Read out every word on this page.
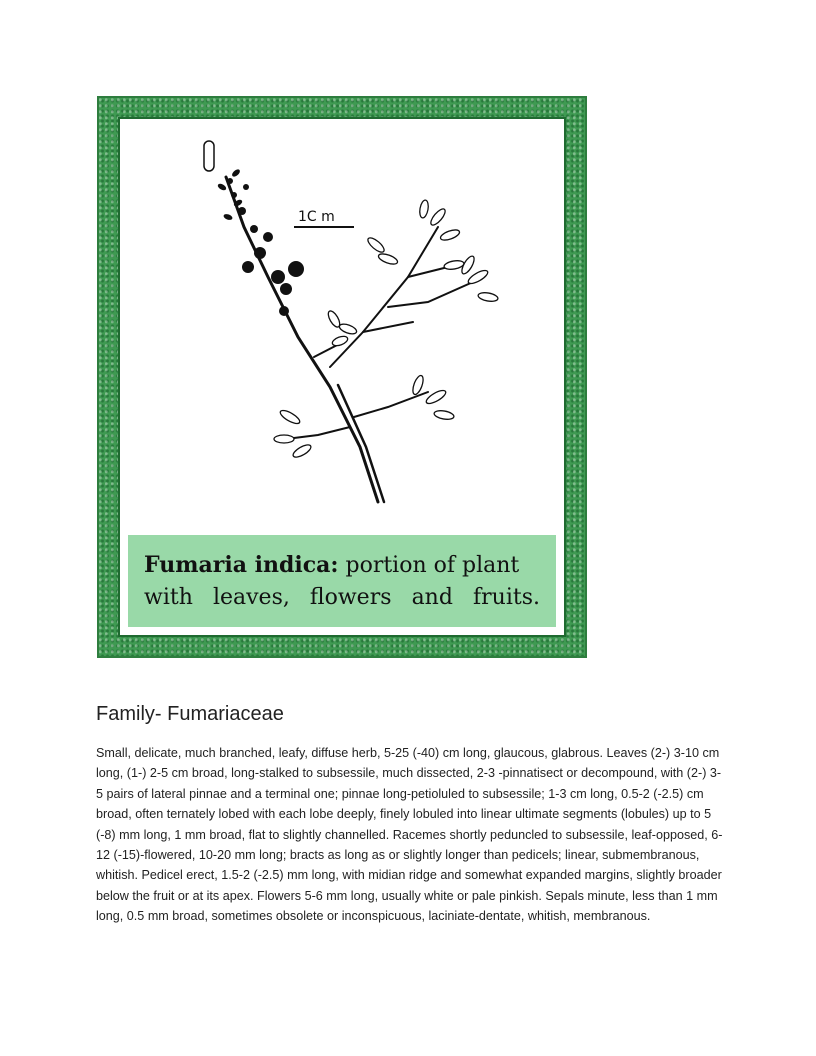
1C m
Fumaria indica: portion of plant
with leaves, flowers and fruits.
Family- Fumariaceae

Small, delicate, much branched, leafy, diffuse herb, 5-25 (-40) cm long, glaucous, glabrous. Leaves (2-) 3-10 cm long, (1-) 2-5 cm broad, long-stalked to subsessile, much dissected, 2-3 -pinnatisect or decompound, with (2-) 3-5 pairs of lateral pinnae and a terminal one; pinnae long-petioluled to subsessile; 1-3 cm long, 0.5-2 (-2.5) cm broad, often ternately lobed with each lobe deeply, finely lobuled into linear ultimate segments (lobules) up to 5 (-8) mm long, 1 mm broad, flat to slightly channelled. Racemes shortly peduncled to subsessile, leaf-opposed, 6-12 (-15)-flowered, 10-20 mm long; bracts as long as or slightly longer than pedicels; linear, submembranous, whitish. Pedicel erect, 1.5-2 (-2.5) mm long, with midian ridge and somewhat expanded margins, slightly broader below the fruit or at its apex. Flowers 5-6 mm long, usually white or pale pinkish. Sepals minute, less than 1 mm long, 0.5 mm broad, sometimes obsolete or inconspicuous, laciniate-dentate, whitish, membranous.
